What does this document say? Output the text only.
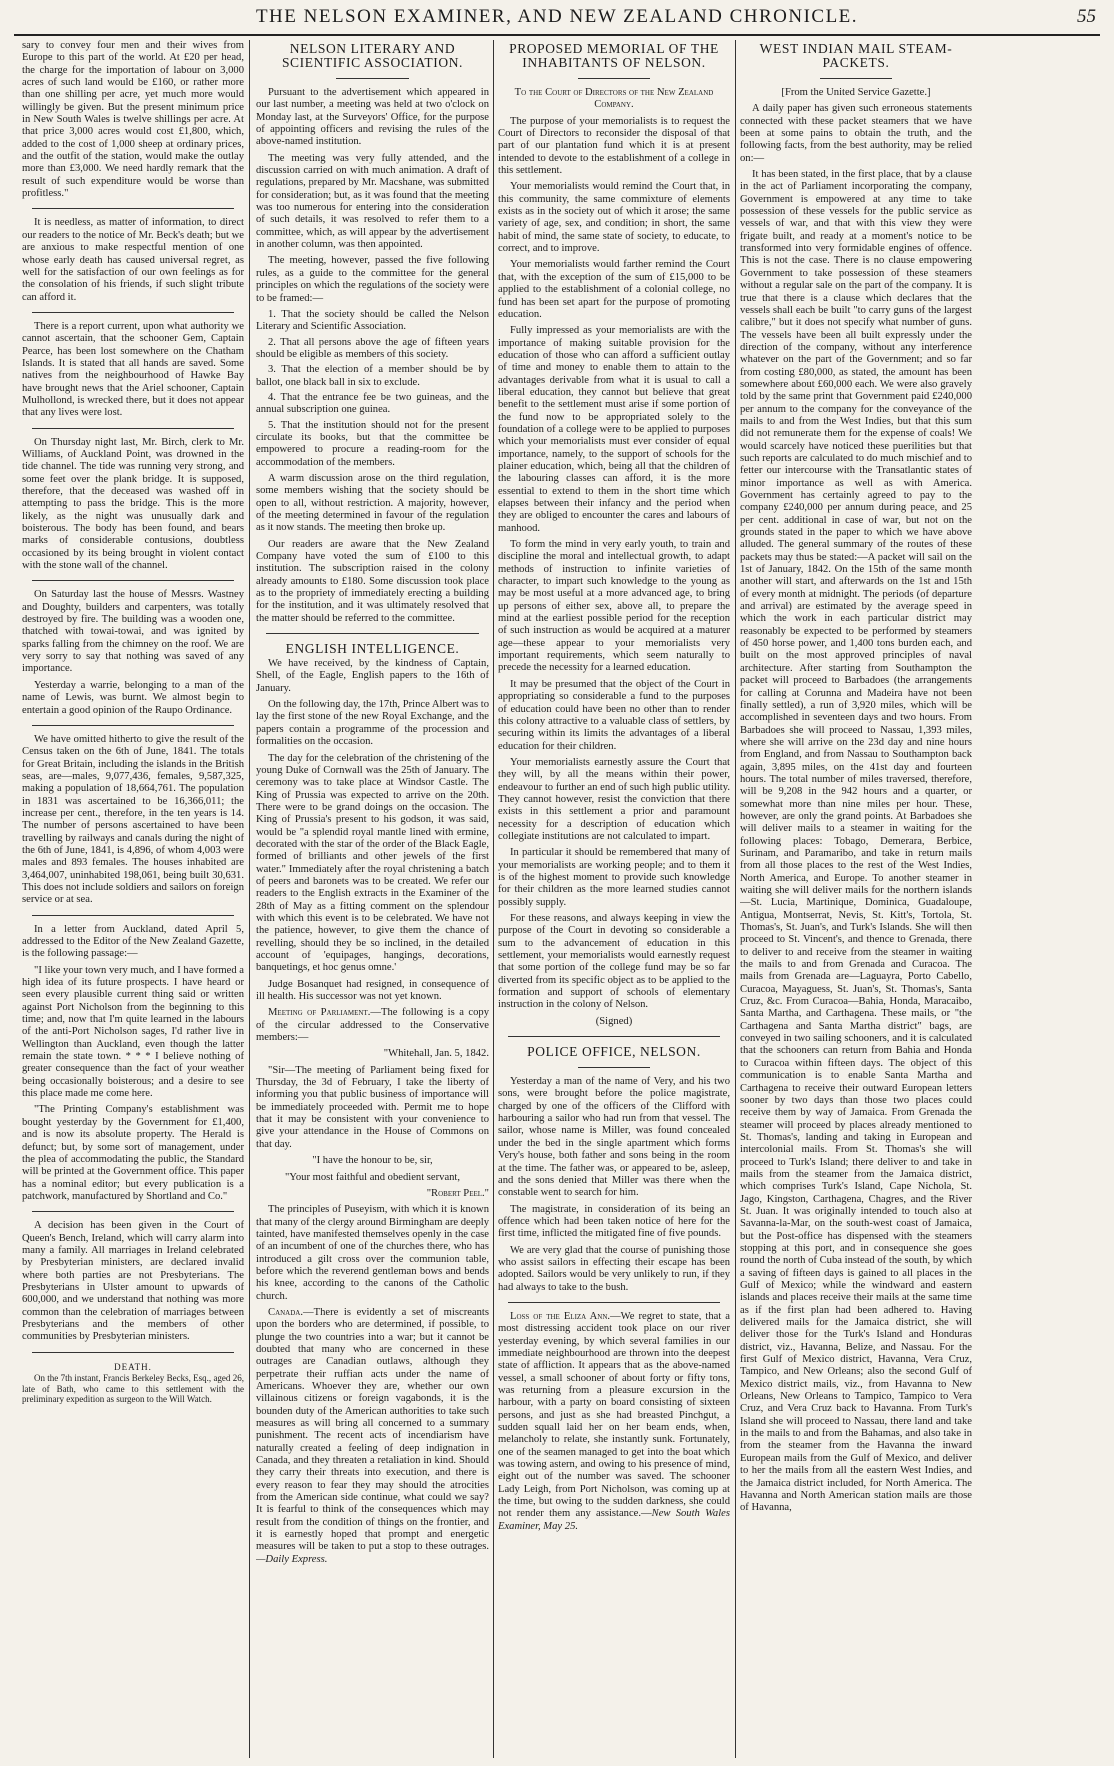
THE NELSON EXAMINER, AND NEW ZEALAND CHRONICLE.	55

sary to convey four men and their wives from Europe to this part of the world. At £20 per head, the charge for the importation of labour on 3,000 acres of such land would be £160, or rather more than one shilling per acre, yet much more would willingly be given. But the present minimum price in New South Wales is twelve shillings per acre. At that price 3,000 acres would cost £1,800, which, added to the cost of 1,000 sheep at ordinary prices, and the outfit of the station, would make the outlay more than £3,000. We need hardly remark that the result of such expenditure would be worse than profitless."

It is needless, as matter of information, to direct our readers to the notice of Mr. Beck's death; but we are anxious to make respectful mention of one whose early death has caused universal regret, as well for the satisfaction of our own feelings as for the consolation of his friends, if such slight tribute can afford it.

There is a report current, upon what authority we cannot ascertain, that the schooner Gem, Captain Pearce, has been lost somewhere on the Chatham Islands. It is stated that all hands are saved. Some natives from the neighbourhood of Hawke Bay have brought news that the Ariel schooner, Captain Mulhollond, is wrecked there, but it does not appear that any lives were lost.

On Thursday night last, Mr. Birch, clerk to Mr. Williams, of Auckland Point, was drowned in the tide channel. The tide was running very strong, and some feet over the plank bridge. It is supposed, therefore, that the deceased was washed off in attempting to pass the bridge. This is the more likely, as the night was unusually dark and boisterous. The body has been found, and bears marks of considerable contusions, doubtless occasioned by its being brought in violent contact with the stone wall of the channel.

On Saturday last the house of Messrs. Wastney and Doughty, builders and carpenters, was totally destroyed by fire. The building was a wooden one, thatched with towai-towai, and was ignited by sparks falling from the chimney on the roof. We are very sorry to say that nothing was saved of any importance.

Yesterday a warrie, belonging to a man of the name of Lewis, was burnt. We almost begin to entertain a good opinion of the Raupo Ordinance.

We have omitted hitherto to give the result of the Census taken on the 6th of June, 1841. The totals for Great Britain, including the islands in the British seas, are—males, 9,077,436, females, 9,587,325, making a population of 18,664,761. The population in 1831 was ascertained to be 16,366,011; the increase per cent., therefore, in the ten years is 14. The number of persons ascertained to have been travelling by railways and canals during the night of the 6th of June, 1841, is 4,896, of whom 4,003 were males and 893 females. The houses inhabited are 3,464,007, uninhabited 198,061, being built 30,631. This does not include soldiers and sailors on foreign service or at sea.

In a letter from Auckland, dated April 5, addressed to the Editor of the New Zealand Gazette, is the following passage:—

"I like your town very much, and I have formed a high idea of its future prospects. I have heard or seen every plausible current thing said or written against Port Nicholson from the beginning to this time; and, now that I'm quite learned in the labours of the anti-Port Nicholson sages, I'd rather live in Wellington than Auckland, even though the latter remain the state town. * * * I believe nothing of greater consequence than the fact of your weather being occasionally boisterous; and a desire to see this place made me come here.

"The Printing Company's establishment was bought yesterday by the Government for £1,400, and is now its absolute property. The Herald is defunct; but, by some sort of management, under the plea of accommodating the public, the Standard will be printed at the Government office. This paper has a nominal editor; but every publication is a patchwork, manufactured by Shortland and Co."

A decision has been given in the Court of Queen's Bench, Ireland, which will carry alarm into many a family. All marriages in Ireland celebrated by Presbyterian ministers, are declared invalid where both parties are not Presbyterians. The Presbyterians in Ulster amount to upwards of 600,000, and we understand that nothing was more common than the celebration of marriages between Presbyterians and the members of other communities by Presbyterian ministers.

DEATH.

On the 7th instant, Francis Berkeley Becks, Esq., aged 26, late of Bath, who came to this settlement with the preliminary expedition as surgeon to the Will Watch.

NELSON LITERARY AND SCIENTIFIC ASSOCIATION.

Pursuant to the advertisement which appeared in our last number, a meeting was held at two o'clock on Monday last, at the Surveyors' Office, for the purpose of appointing officers and revising the rules of the above-named institution.

The meeting was very fully attended, and the discussion carried on with much animation. A draft of regulations, prepared by Mr. Macshane, was submitted for consideration; but, as it was found that the meeting was too numerous for entering into the consideration of such details, it was resolved to refer them to a committee, which, as will appear by the advertisement in another column, was then appointed.

The meeting, however, passed the five following rules, as a guide to the committee for the general principles on which the regulations of the society were to be framed:—

1. That the society should be called the Nelson Literary and Scientific Association.
2. That all persons above the age of fifteen years should be eligible as members of this society.
3. That the election of a member should be by ballot, one black ball in six to exclude.
4. That the entrance fee be two guineas, and the annual subscription one guinea.
5. That the institution should not for the present circulate its books, but that the committee be empowered to procure a reading-room for the accommodation of the members.

A warm discussion arose on the third regulation, some members wishing that the society should be open to all, without restriction. A majority, however, of the meeting determined in favour of the regulation as it now stands. The meeting then broke up.

Our readers are aware that the New Zealand Company have voted the sum of £100 to this institution. The subscription raised in the colony already amounts to £180. Some discussion took place as to the propriety of immediately erecting a building for the institution, and it was ultimately resolved that the matter should be referred to the committee.

ENGLISH INTELLIGENCE.

We have received, by the kindness of Captain, Shell, of the Eagle, English papers to the 16th of January.

On the following day, the 17th, Prince Albert was to lay the first stone of the new Royal Exchange, and the papers contain a programme of the procession and formalities on the occasion.

The day for the celebration of the christening of the young Duke of Cornwall was the 25th of January. The ceremony was to take place at Windsor Castle. The King of Prussia was expected to arrive on the 20th. There were to be grand doings on the occasion. The King of Prussia's present to his godson, it was said, would be "a splendid royal mantle lined with ermine, decorated with the star of the order of the Black Eagle, formed of brilliants and other jewels of the first water." Immediately after the royal christening a batch of peers and baronets was to be created. We refer our readers to the English extracts in the Examiner of the 28th of May as a fitting comment on the splendour with which this event is to be celebrated. We have not the patience, however, to give them the chance of revelling, should they be so inclined, in the detailed account of 'equipages, hangings, decorations, banquetings, et hoc genus omne.'

Judge Bosanquet had resigned, in consequence of ill health. His successor was not yet known.

Meeting of Parliament.—The following is a copy of the circular addressed to the Conservative members:—

"Whitehall, Jan. 5, 1842.

"Sir—The meeting of Parliament being fixed for Thursday, the 3d of February, I take the liberty of informing you that public business of importance will be immediately proceeded with. Permit me to hope that it may be consistent with your convenience to give your attendance in the House of Commons on that day.

"I have the honour to be, sir,

"Your most faithful and obedient servant,

"Robert Peel."

The principles of Puseyism, with which it is known that many of the clergy around Birmingham are deeply tainted, have manifested themselves openly in the case of an incumbent of one of the churches there, who has introduced a gilt cross over the communion table, before which the reverend gentleman bows and bends his knee, according to the canons of the Catholic church.

Canada.—There is evidently a set of miscreants upon the borders who are determined, if possible, to plunge the two countries into a war; but it cannot be doubted that many who are concerned in these outrages are Canadian outlaws, although they perpetrate their ruffian acts under the name of Americans. Whoever they are, whether our own villainous citizens or foreign vagabonds, it is the bounden duty of the American authorities to take such measures as will bring all concerned to a summary punishment. The recent acts of incendiarism have naturally created a feeling of deep indignation in Canada, and they threaten a retaliation in kind. Should they carry their threats into execution, and there is every reason to fear they may should the atrocities from the American side continue, what could we say? It is fearful to think of the consequences which may result from the condition of things on the frontier, and it is earnestly hoped that prompt and energetic measures will be taken to put a stop to these outrages.—Daily Express.

PROPOSED MEMORIAL OF THE INHABITANTS OF NELSON.

To the Court of Directors of the New Zealand Company.

The purpose of your memorialists is to request the Court of Directors to reconsider the disposal of that part of our plantation fund which it is at present intended to devote to the establishment of a college in this settlement.

Your memorialists would remind the Court that, in this community, the same commixture of elements exists as in the society out of which it arose; the same variety of age, sex, and condition; in short, the same habit of mind, the same state of society, to educate, to correct, and to improve.

Your memorialists would farther remind the Court that, with the exception of the sum of £15,000 to be applied to the establishment of a colonial college, no fund has been set apart for the purpose of promoting education.

Fully impressed as your memorialists are with the importance of making suitable provision for the education of those who can afford a sufficient outlay of time and money to enable them to attain to the advantages derivable from what it is usual to call a liberal education, they cannot but believe that great benefit to the settlement must arise if some portion of the fund now to be appropriated solely to the foundation of a college were to be applied to purposes which your memorialists must ever consider of equal importance, namely, to the support of schools for the plainer education, which, being all that the children of the labouring classes can afford, it is the more essential to extend to them in the short time which elapses between their infancy and the period when they are obliged to encounter the cares and labours of manhood.

To form the mind in very early youth, to train and discipline the moral and intellectual growth, to adapt methods of instruction to infinite varieties of character, to impart such knowledge to the young as may be most useful at a more advanced age, to bring up persons of either sex, above all, to prepare the mind at the earliest possible period for the reception of such instruction as would be acquired at a maturer age—these appear to your memorialists very important requirements, which seem naturally to precede the necessity for a learned education.

It may be presumed that the object of the Court in appropriating so considerable a fund to the purposes of education could have been no other than to render this colony attractive to a valuable class of settlers, by securing within its limits the advantages of a liberal education for their children.

Your memorialists earnestly assure the Court that they will, by all the means within their power, endeavour to further an end of such high public utility. They cannot however, resist the conviction that there exists in this settlement a prior and paramount necessity for a description of education which collegiate institutions are not calculated to impart.

In particular it should be remembered that many of your memorialists are working people; and to them it is of the highest moment to provide such knowledge for their children as the more learned studies cannot possibly supply.

For these reasons, and always keeping in view the purpose of the Court in devoting so considerable a sum to the advancement of education in this settlement, your memorialists would earnestly request that some portion of the college fund may be so far diverted from its specific object as to be applied to the formation and support of schools of elementary instruction in the colony of Nelson.

(Signed)

POLICE OFFICE, NELSON.

Yesterday a man of the name of Very, and his two sons, were brought before the police magistrate, charged by one of the officers of the Clifford with harbouring a sailor who had run from that vessel. The sailor, whose name is Miller, was found concealed under the bed in the single apartment which forms Very's house, both father and sons being in the room at the time. The father was, or appeared to be, asleep, and the sons denied that Miller was there when the constable went to search for him.

The magistrate, in consideration of its being an offence which had been taken notice of here for the first time, inflicted the mitigated fine of five pounds.

We are very glad that the course of punishing those who assist sailors in effecting their escape has been adopted. Sailors would be very unlikely to run, if they had always to take to the bush.

Loss of the Eliza Ann.—We regret to state, that a most distressing accident took place on our river yesterday evening, by which several families in our immediate neighbourhood are thrown into the deepest state of affliction. It appears that as the above-named vessel, a small schooner of about forty or fifty tons, was returning from a pleasure excursion in the harbour, with a party on board consisting of sixteen persons, and just as she had breasted Pinchgut, a sudden squall laid her on her beam ends, when, melancholy to relate, she instantly sunk. Fortunately, one of the seamen managed to get into the boat which was towing astern, and owing to his presence of mind, eight out of the number was saved. The schooner Lady Leigh, from Port Nicholson, was coming up at the time, but owing to the sudden darkness, she could not render them any assistance.—New South Wales Examiner, May 25.

WEST INDIAN MAIL STEAM-PACKETS.

[From the United Service Gazette.]

A daily paper has given such erroneous statements connected with these packet steamers that we have been at some pains to obtain the truth, and the following facts, from the best authority, may be relied on:—

It has been stated, in the first place, that by a clause in the act of Parliament incorporating the company, Government is empowered at any time to take possession of these vessels for the public service as vessels of war, and that with this view they were frigate built, and ready at a moment's notice to be transformed into very formidable engines of offence. This is not the case. There is no clause empowering Government to take possession of these steamers without a regular sale on the part of the company. It is true that there is a clause which declares that the vessels shall each be built "to carry guns of the largest calibre," but it does not specify what number of guns. The vessels have been all built expressly under the direction of the company, without any interference whatever on the part of the Government; and so far from costing £80,000, as stated, the amount has been somewhere about £60,000 each. We were also gravely told by the same print that Government paid £240,000 per annum to the company for the conveyance of the mails to and from the West Indies, but that this sum did not remunerate them for the expense of coals! We would scarcely have noticed these puerilities but that such reports are calculated to do much mischief and to fetter our intercourse with the Transatlantic states of minor importance as well as with America. Government has certainly agreed to pay to the company £240,000 per annum during peace, and 25 per cent. additional in case of war, but not on the grounds stated in the paper to which we have above alluded. The general summary of the routes of these packets may thus be stated:—A packet will sail on the 1st of January, 1842. On the 15th of the same month another will start, and afterwards on the 1st and 15th of every month at midnight. The periods (of departure and arrival) are estimated by the average speed in which the work in each particular district may reasonably be expected to be performed by steamers of 450 horse power, and 1,400 tons burden each, and built on the most approved principles of naval architecture. After starting from Southampton the packet will proceed to Barbadoes (the arrangements for calling at Corunna and Madeira have not been finally settled), a run of 3,920 miles, which will be accomplished in seventeen days and two hours. From Barbadoes she will proceed to Nassau, 1,393 miles, where she will arrive on the 23d day and nine hours from England, and from Nassau to Southampton back again, 3,895 miles, on the 41st day and fourteen hours. The total number of miles traversed, therefore, will be 9,208 in the 942 hours and a quarter, or somewhat more than nine miles per hour. These, however, are only the grand points. At Barbadoes she will deliver mails to a steamer in waiting for the following places: Tobago, Demerara, Berbice, Surinam, and Paramaribo, and take in return mails from all those places to the rest of the West Indies, North America, and Europe. To another steamer in waiting she will deliver mails for the northern islands—St. Lucia, Martinique, Dominica, Guadaloupe, Antigua, Montserrat, Nevis, St. Kitt's, Tortola, St. Thomas's, St. Juan's, and Turk's Islands. She will then proceed to St. Vincent's, and thence to Grenada, there to deliver to and receive from the steamer in waiting the mails to and from Grenada and Curacoa. The mails from Grenada are—Laguayra, Porto Cabello, Curacoa, Mayaguess, St. Juan's, St. Thomas's, Santa Cruz, &c. From Curacoa—Bahia, Honda, Maracaibo, Santa Martha, and Carthagena. These mails, or "the Carthagena and Santa Martha district" bags, are conveyed in two sailing schooners, and it is calculated that the schooners can return from Bahia and Honda to Curacoa within fifteen days. The object of this communication is to enable Santa Martha and Carthagena to receive their outward European letters sooner by two days than those two places could receive them by way of Jamaica. From Grenada the steamer will proceed by places already mentioned to St. Thomas's, landing and taking in European and intercolonial mails. From St. Thomas's she will proceed to Turk's Island; there deliver to and take in mails from the steamer from the Jamaica district, which comprises Turk's Island, Cape Nichola, St. Jago, Kingston, Carthagena, Chagres, and the River St. Juan. It was originally intended to touch also at Savanna-la-Mar, on the south-west coast of Jamaica, but the Post-office has dispensed with the steamers stopping at this port, and in consequence she goes round the north of Cuba instead of the south, by which a saving of fifteen days is gained to all places in the Gulf of Mexico; while the windward and eastern islands and places receive their mails at the same time as if the first plan had been adhered to. Having delivered mails for the Jamaica district, she will deliver those for the Turk's Island and Honduras district, viz., Havanna, Belize, and Nassau. For the first Gulf of Mexico district, Havanna, Vera Cruz, Tampico, and New Orleans; also the second Gulf of Mexico district mails, viz., from Havanna to New Orleans, New Orleans to Tampico, Tampico to Vera Cruz, and Vera Cruz back to Havanna. From Turk's Island she will proceed to Nassau, there land and take in the mails to and from the Bahamas, and also take in from the steamer from the Havanna the inward European mails from the Gulf of Mexico, and deliver to her the mails from all the eastern West Indies, and the Jamaica district included, for North America. The Havanna and North American station mails are those of Havanna,
